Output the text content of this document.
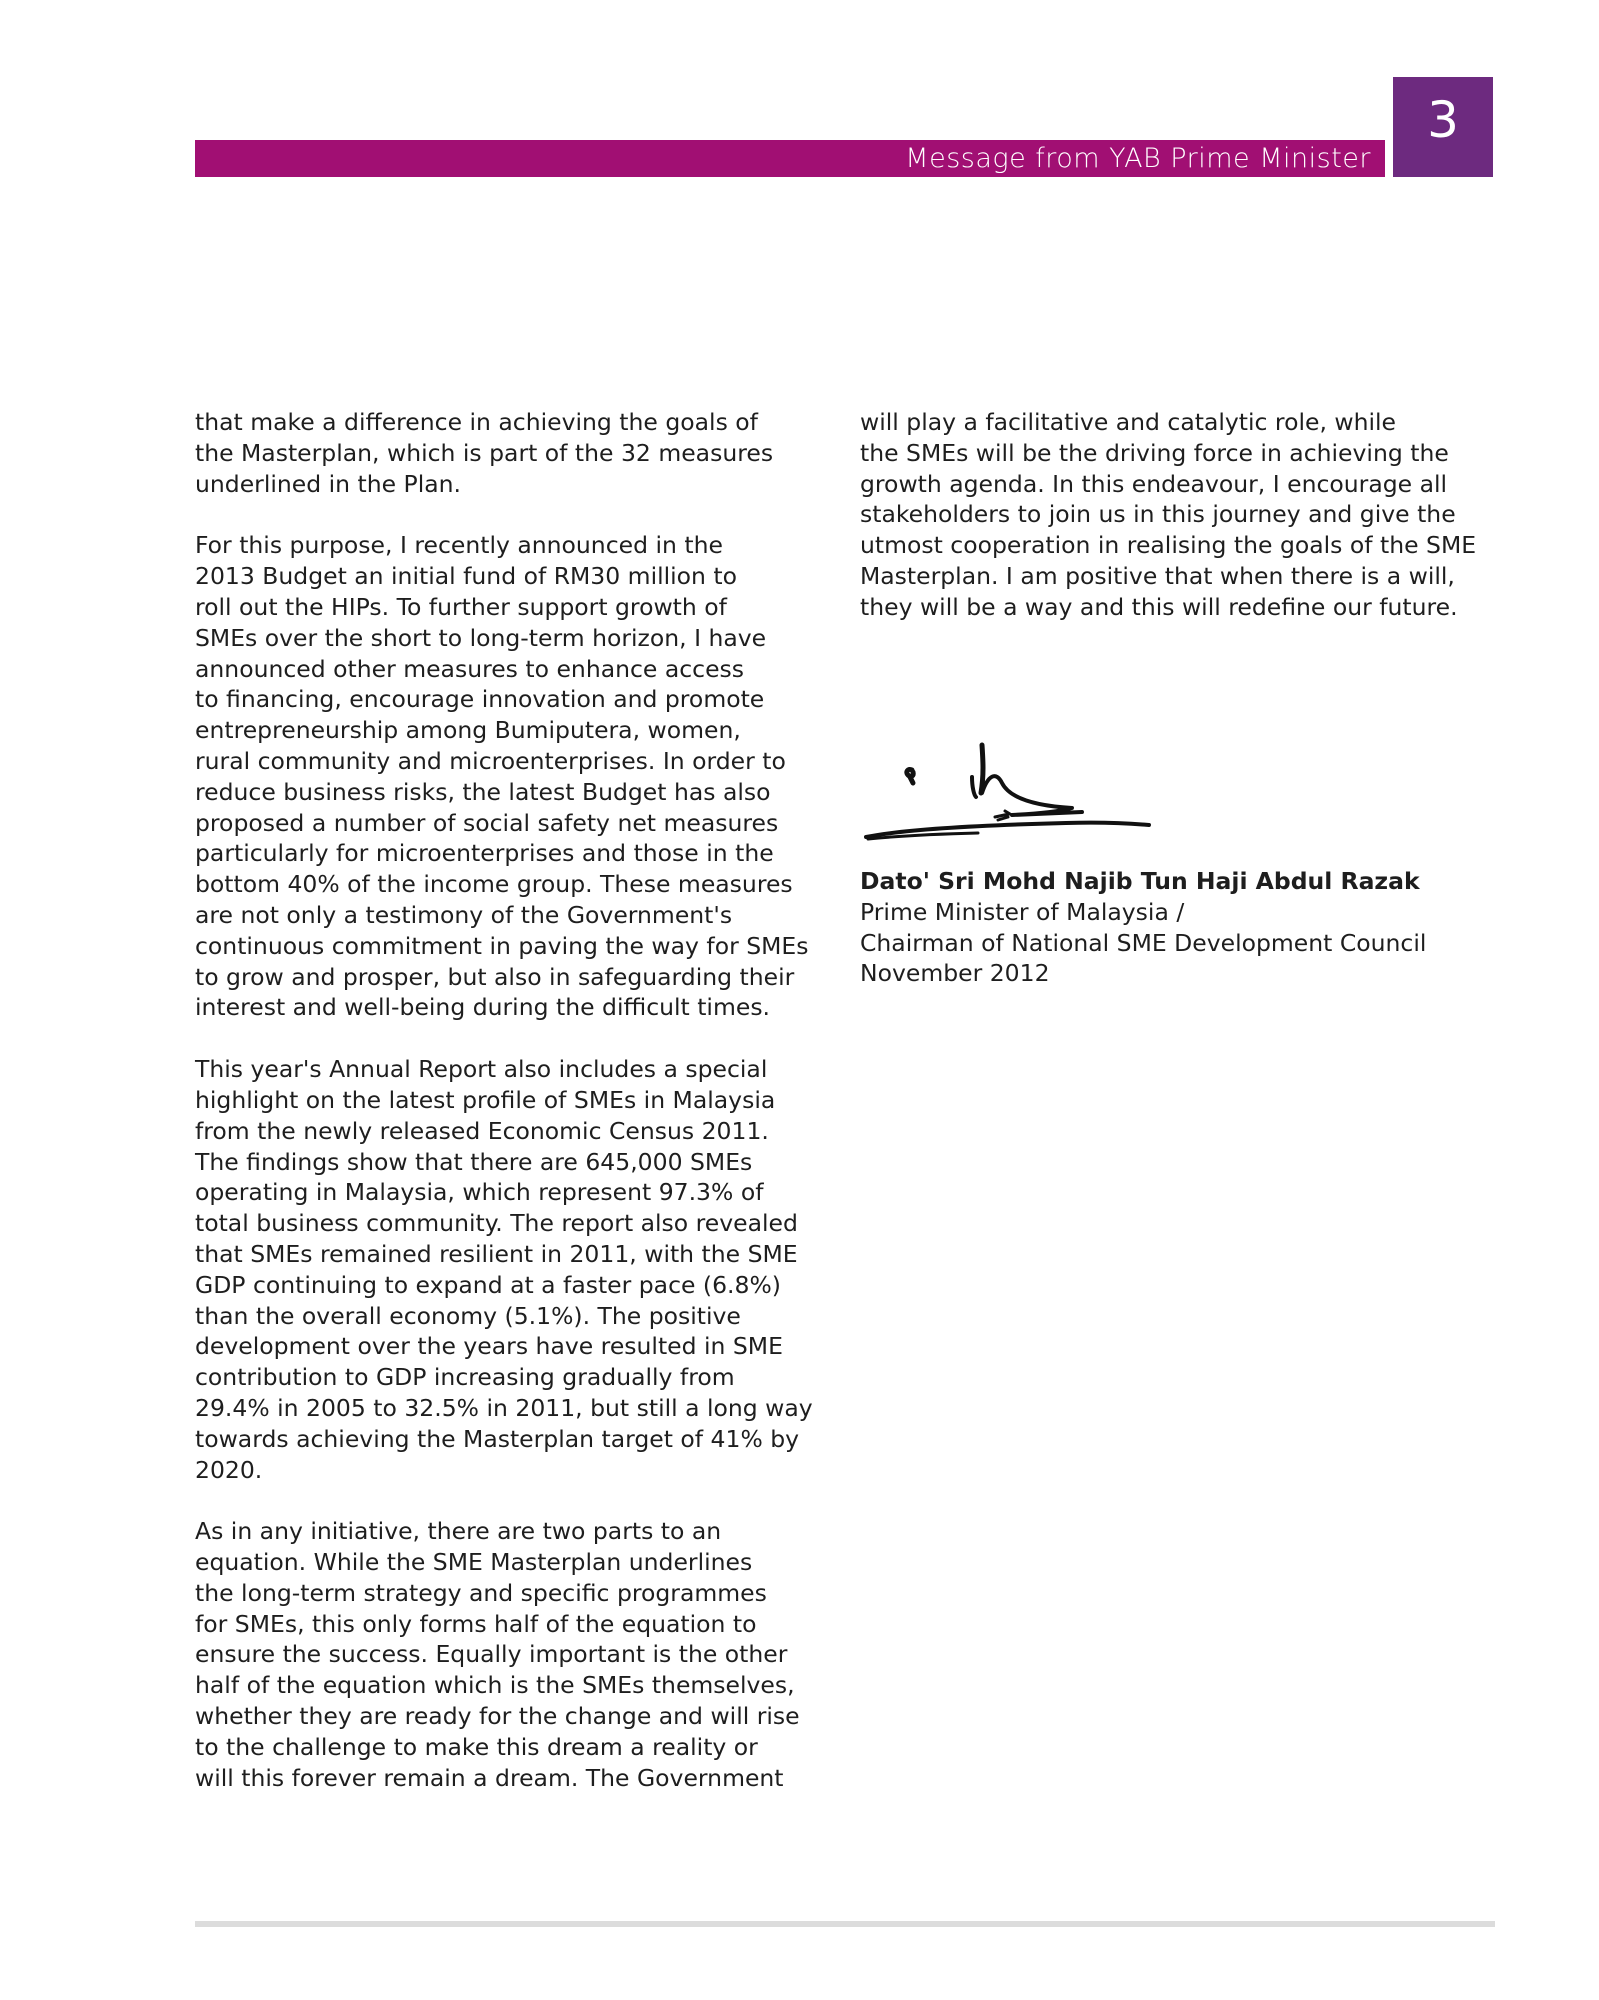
Message from YAB Prime Minister
3

that make a difference in achieving the goals of
the Masterplan, which is part of the 32 measures
underlined in the Plan.

For this purpose, I recently announced in the
2013 Budget an initial fund of RM30 million to
roll out the HIPs. To further support growth of
SMEs over the short to long-term horizon, I have
announced other measures to enhance access
to financing, encourage innovation and promote
entrepreneurship among Bumiputera, women,
rural community and microenterprises. In order to
reduce business risks, the latest Budget has also
proposed a number of social safety net measures
particularly for microenterprises and those in the
bottom 40% of the income group. These measures
are not only a testimony of the Government's
continuous commitment in paving the way for SMEs
to grow and prosper, but also in safeguarding their
interest and well-being during the difficult times.

This year's Annual Report also includes a special
highlight on the latest profile of SMEs in Malaysia
from the newly released Economic Census 2011.
The findings show that there are 645,000 SMEs
operating in Malaysia, which represent 97.3% of
total business community. The report also revealed
that SMEs remained resilient in 2011, with the SME
GDP continuing to expand at a faster pace (6.8%)
than the overall economy (5.1%). The positive
development over the years have resulted in SME
contribution to GDP increasing gradually from
29.4% in 2005 to 32.5% in 2011, but still a long way
towards achieving the Masterplan target of 41% by
2020.

As in any initiative, there are two parts to an
equation. While the SME Masterplan underlines
the long-term strategy and specific programmes
for SMEs, this only forms half of the equation to
ensure the success. Equally important is the other
half of the equation which is the SMEs themselves,
whether they are ready for the change and will rise
to the challenge to make this dream a reality or
will this forever remain a dream. The Government

will play a facilitative and catalytic role, while
the SMEs will be the driving force in achieving the
growth agenda. In this endeavour, I encourage all
stakeholders to join us in this journey and give the
utmost cooperation in realising the goals of the SME
Masterplan. I am positive that when there is a will,
they will be a way and this will redefine our future.

Dato' Sri Mohd Najib Tun Haji Abdul Razak
Prime Minister of Malaysia /
Chairman of National SME Development Council
November 2012
